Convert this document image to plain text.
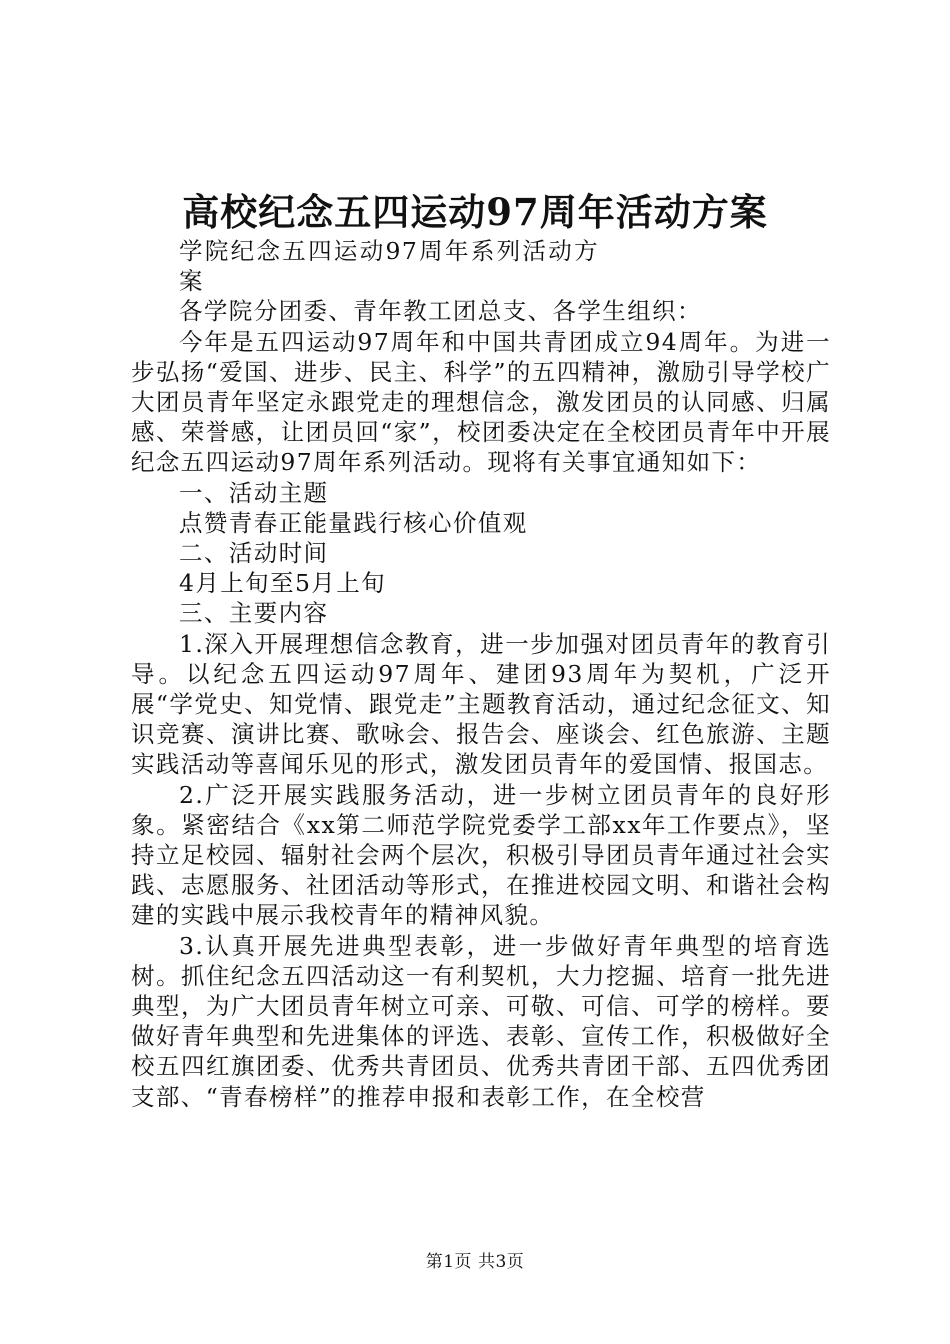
高校纪念五四运动97周年活动方案

学院纪念五四运动97周年系列活动方案

各学院分团委、青年教工团总支、各学生组织：

今年是五四运动97周年和中国共青团成立94周年。为进一步弘扬“爱国、进步、民主、科学”的五四精神，激励引导学校广大团员青年坚定永跟党走的理想信念，激发团员的认同感、归属感、荣誉感，让团员回“家”，校团委决定在全校团员青年中开展纪念五四运动97周年系列活动。现将有关事宜通知如下：

一、活动主题

点赞青春正能量践行核心价值观

二、活动时间

4月上旬至5月上旬

三、主要内容

1.深入开展理想信念教育，进一步加强对团员青年的教育引导。以纪念五四运动97周年、建团93周年为契机，广泛开展“学党史、知党情、跟党走”主题教育活动，通过纪念征文、知识竞赛、演讲比赛、歌咏会、报告会、座谈会、红色旅游、主题实践活动等喜闻乐见的形式，激发团员青年的爱国情、报国志。

2.广泛开展实践服务活动，进一步树立团员青年的良好形象。紧密结合《xx第二师范学院党委学工部xx年工作要点》，坚持立足校园、辐射社会两个层次，积极引导团员青年通过社会实践、志愿服务、社团活动等形式，在推进校园文明、和谐社会构建的实践中展示我校青年的精神风貌。

3.认真开展先进典型表彰，进一步做好青年典型的培育选树。抓住纪念五四活动这一有利契机，大力挖掘、培育一批先进典型，为广大团员青年树立可亲、可敬、可信、可学的榜样。要做好青年典型和先进集体的评选、表彰、宣传工作，积极做好全校五四红旗团委、优秀共青团员、优秀共青团干部、五四优秀团支部、“青春榜样”的推荐申报和表彰工作，在全校营

第1页 共3页
